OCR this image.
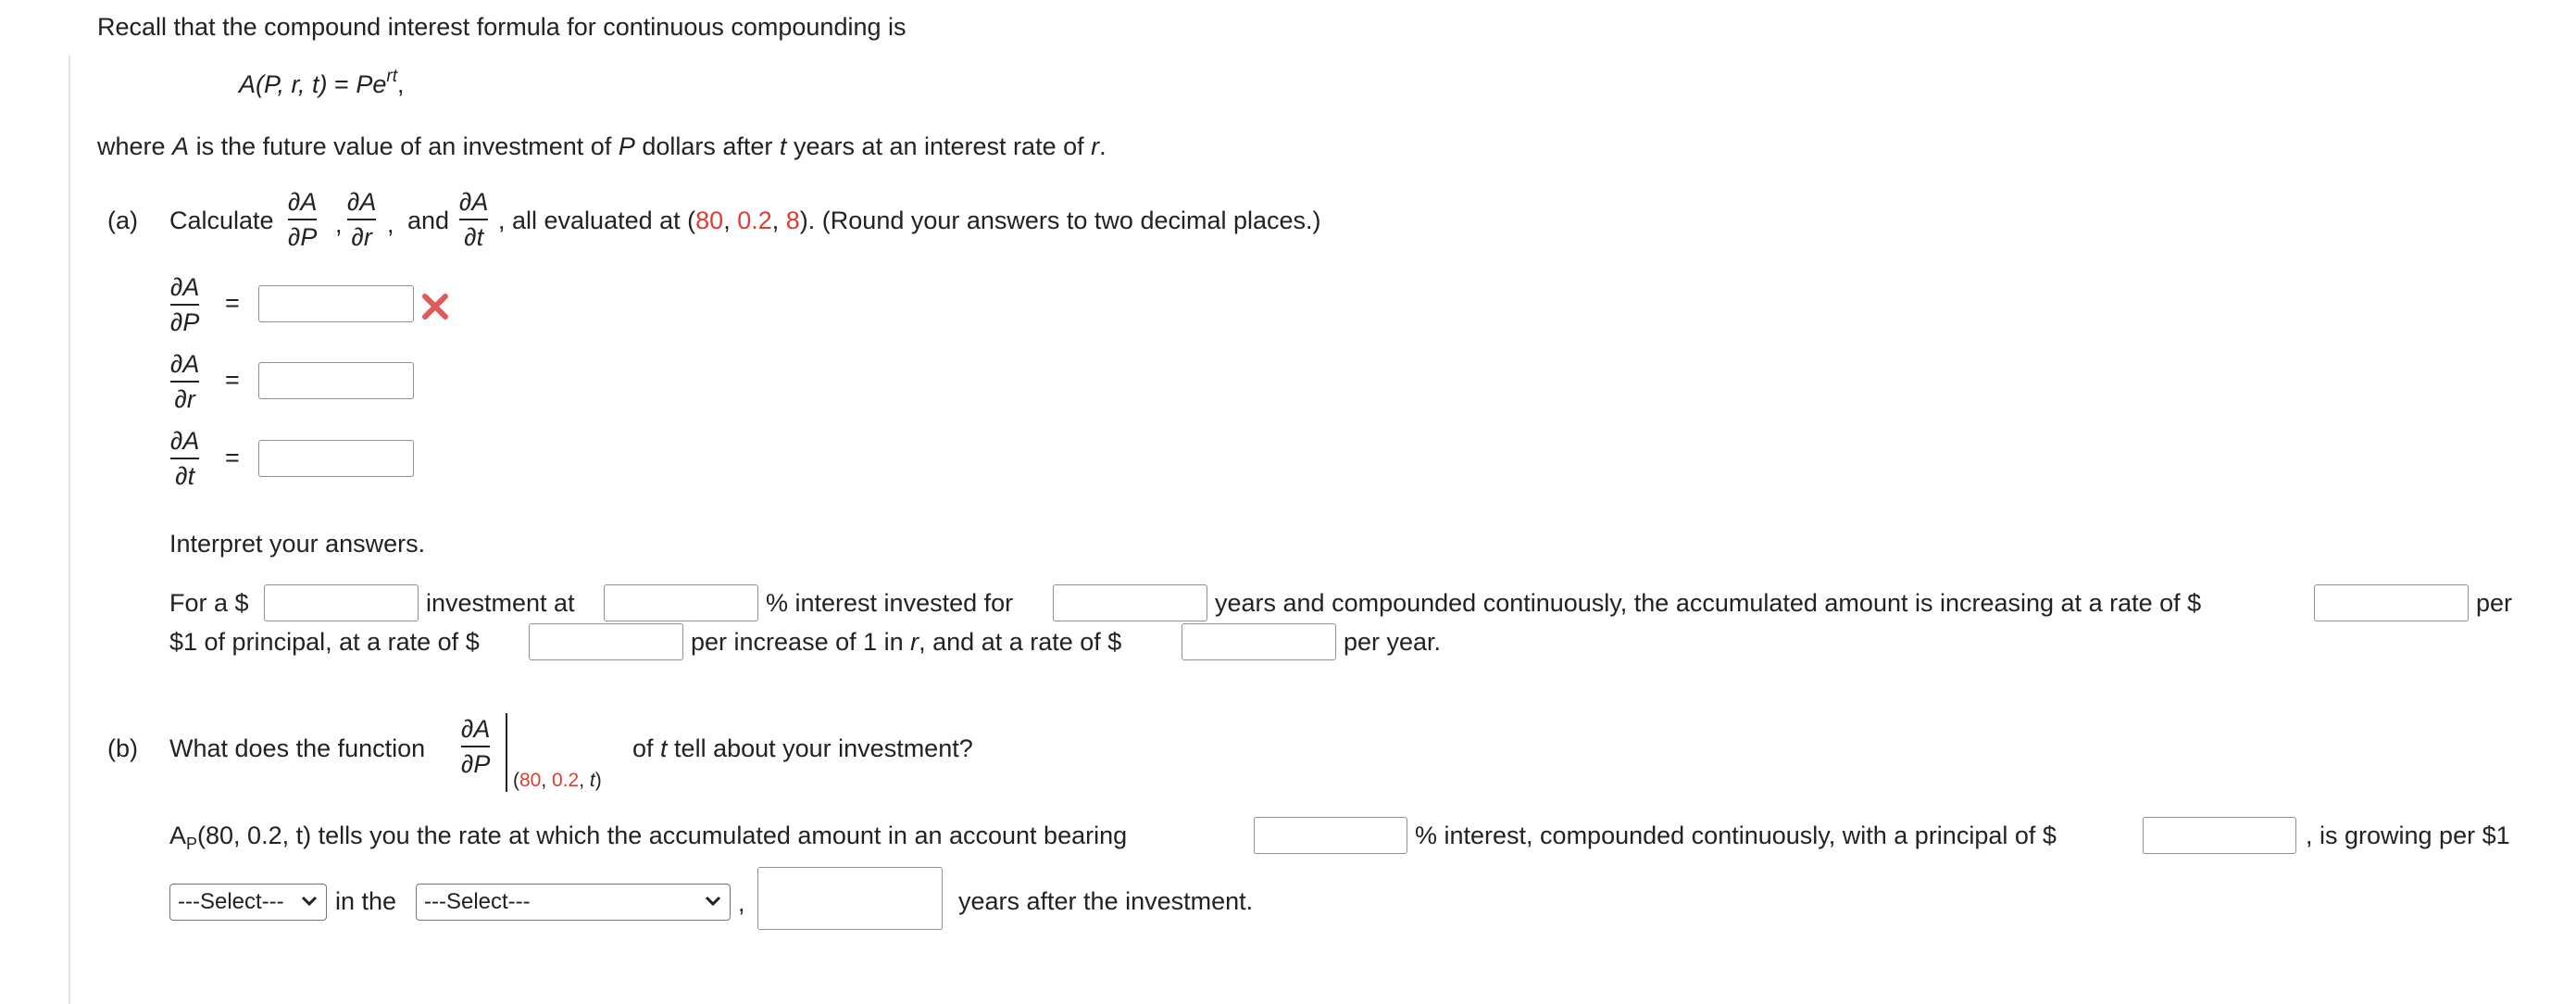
Recall that the compound interest formula for continuous compounding is
A(P, r, $t) = Pe^{rt}$,
where A is the future value of an investment of P dollars after t years at an interest rate of r.
(a) Calculate
∂A
∂P ,
∂A
∂r , and
∂A
∂t
, all evaluated at (80, 0.2, 8). (Round your answers to two decimal places.)
∂A
∂P
=
∂A
∂r
=
∂A
∂t
=
Interpret your answers.
For a $	investment at	% interest invested for	years and compounded continuously, the accumulated amount is increasing at a rate of $	per
$1 of principal, at a rate of $	per increase of 1 in r, and at a rate of $	per year.
(b) What does the function
∂A
∂P
(80, 0.2, t)
of t tell about your investment?
$A_P(80$, 0.2, t) tells you the rate at which the accumulated amount in an account bearing	% interest, compounded continuously, with a principal of $	, is growing per $1
---Select---	in the	---Select---	,	years after the investment.
